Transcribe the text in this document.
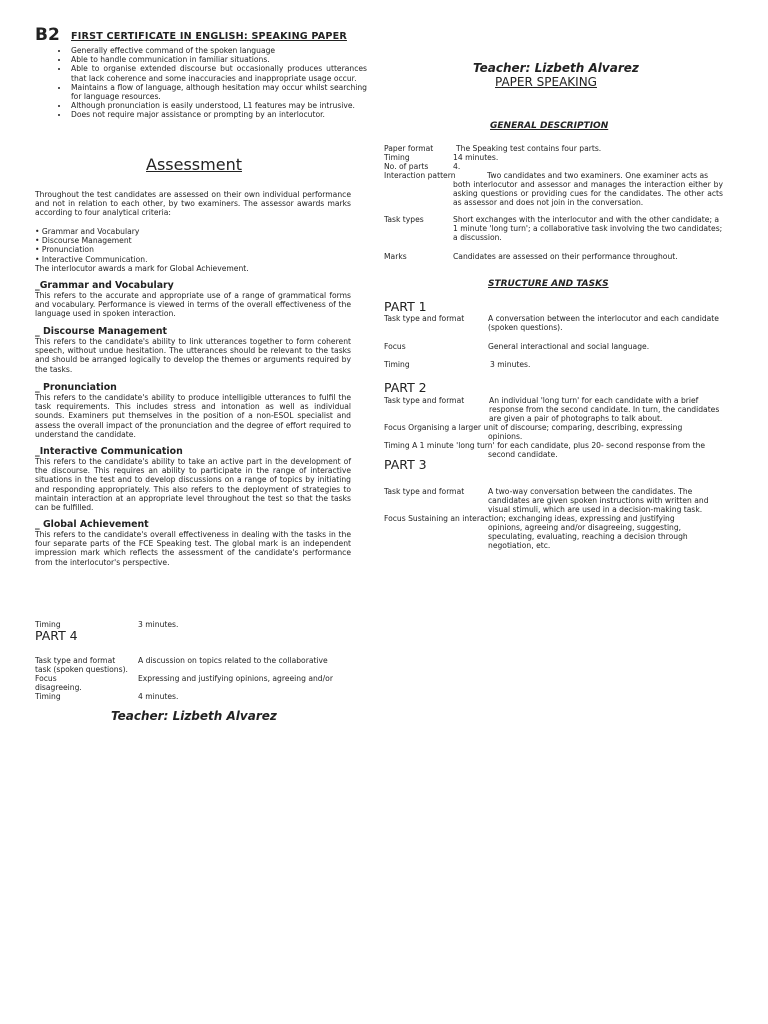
B2 FIRST CERTIFICATE IN ENGLISH: SPEAKING PAPER
• Generally effective command of the spoken language
• Able to handle communication in familiar situations.
• Able to organise extended discourse but occasionally produces utterances that lack coherence and some inaccuracies and inappropriate usage occur.
• Maintains a flow of language, although hesitation may occur whilst searching for language resources.
• Although pronunciation is easily understood, L1 features may be intrusive.
• Does not require major assistance or prompting by an interlocutor.
Assessment
Throughout the test candidates are assessed on their own individual performance and not in relation to each other, by two examiners. The assessor awards marks according to four analytical criteria:
• Grammar and Vocabulary
• Discourse Management
• Pronunciation
• Interactive Communication.
The interlocutor awards a mark for Global Achievement.
_Grammar and Vocabulary
This refers to the accurate and appropriate use of a range of grammatical forms and vocabulary. Performance is viewed in terms of the overall effectiveness of the language used in spoken interaction.
_ Discourse Management
This refers to the candidate's ability to link utterances together to form coherent speech, without undue hesitation. The utterances should be relevant to the tasks and should be arranged logically to develop the themes or arguments required by the tasks.
_ Pronunciation
This refers to the candidate's ability to produce intelligible utterances to fulfil the task requirements. This includes stress and intonation as well as individual sounds. Examiners put themselves in the position of a non-ESOL specialist and assess the overall impact of the pronunciation and the degree of effort required to understand the candidate.
_Interactive Communication
This refers to the candidate's ability to take an active part in the development of the discourse. This requires an ability to participate in the range of interactive situations in the test and to develop discussions on a range of topics by initiating and responding appropriately. This also refers to the deployment of strategies to maintain interaction at an appropriate level throughout the test so that the tasks can be fulfilled.
_ Global Achievement
This refers to the candidate's overall effectiveness in dealing with the tasks in the four separate parts of the FCE Speaking test. The global mark is an independent impression mark which reflects the assessment of the candidate's performance from the interlocutor's perspective.
Timing	3 minutes.
PART 4
Task type and format	A discussion on topics related to the collaborative
task (spoken questions).
Focus	Expressing and justifying opinions, agreeing and/or
disagreeing.
Timing	4 minutes.
Teacher: Lizbeth Alvarez
Teacher: Lizbeth Alvarez
PAPER SPEAKING
GENERAL DESCRIPTION
Paper format	The Speaking test contains four parts.
Timing	14 minutes.
No. of parts	4.
Interaction pattern	Two candidates and two examiners. One examiner acts as
both interlocutor and assessor and manages the interaction either by asking questions or providing cues for the candidates. The other acts as assessor and does not join in the conversation.
Task types	Short exchanges with the interlocutor and with the other candidate; a 1 minute 'long turn'; a collaborative task involving the two candidates; a discussion.
Marks	Candidates are assessed on their performance throughout.
STRUCTURE AND TASKS
PART 1
Task type and format	A conversation between the interlocutor and each candidate (spoken questions).
Focus	General interactional and social language.
Timing	3 minutes.
PART 2
Task type and format	An individual 'long turn' for each candidate with a brief response from the second candidate. In turn, the candidates are given a pair of photographs to talk about.
Focus Organising a larger unit of discourse; comparing, describing, expressing
opinions.
Timing A 1 minute 'long turn' for each candidate, plus 20- second response from the
second candidate.
PART 3
Task type and format	A two-way conversation between the candidates. The candidates are given spoken instructions with written and visual stimuli, which are used in a decision-making task.
Focus Sustaining an interaction; exchanging ideas, expressing and justifying
opinions, agreeing and/or disagreeing, suggesting, speculating, evaluating, reaching a decision through negotiation, etc.
